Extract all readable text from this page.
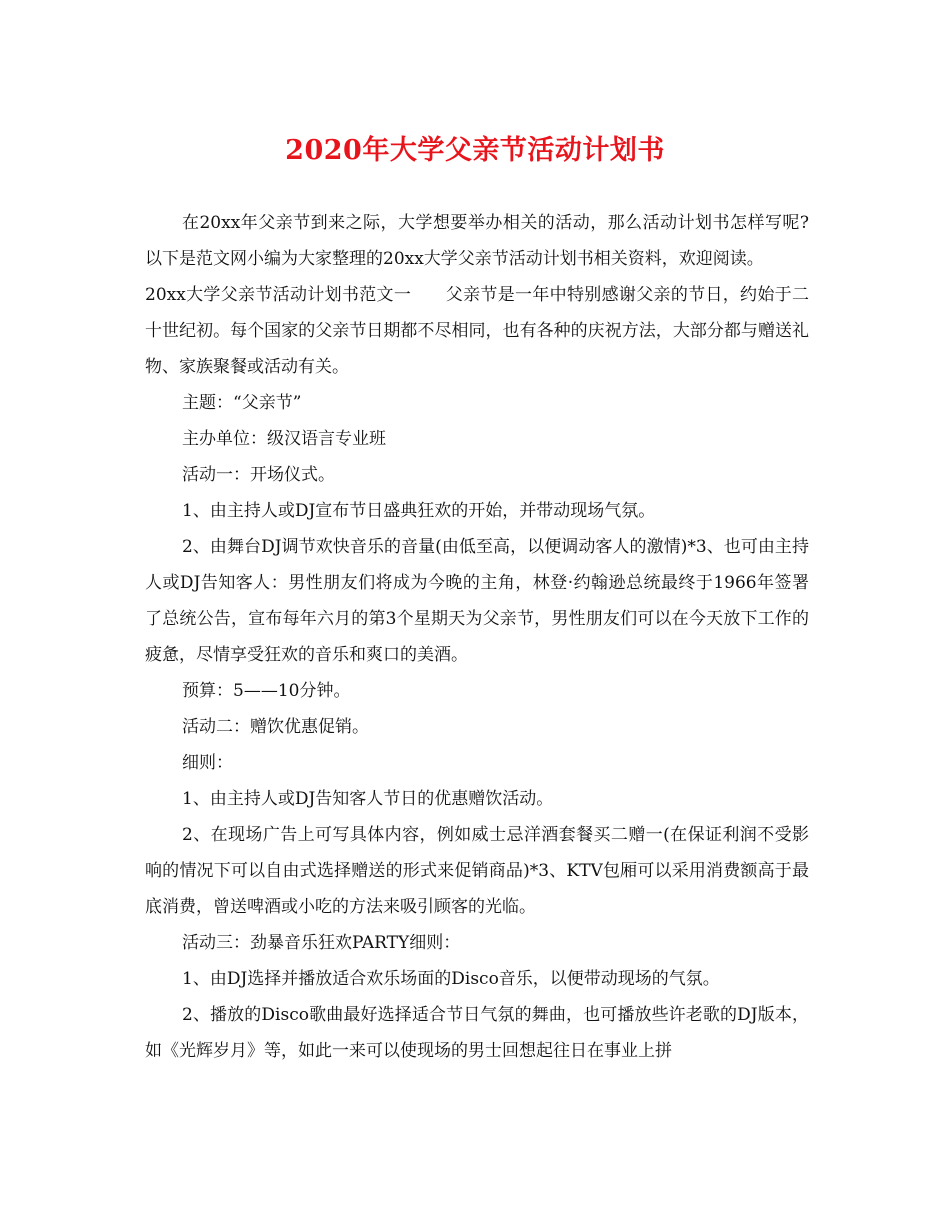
2020年大学父亲节活动计划书

在20xx年父亲节到来之际，大学想要举办相关的活动，那么活动计划书怎样写呢?以下是范文网小编为大家整理的20xx大学父亲节活动计划书相关资料，欢迎阅读。

20xx大学父亲节活动计划书范文一　　父亲节是一年中特别感谢父亲的节日，约始于二十世纪初。每个国家的父亲节日期都不尽相同，也有各种的庆祝方法，大部分都与赠送礼物、家族聚餐或活动有关。

主题：“父亲节”

主办单位：级汉语言专业班

活动一：开场仪式。

1、由主持人或DJ宣布节日盛典狂欢的开始，并带动现场气氛。

2、由舞台DJ调节欢快音乐的音量(由低至高，以便调动客人的激情)*3、也可由主持人或DJ告知客人：男性朋友们将成为今晚的主角，林登·约翰逊总统最终于1966年签署了总统公告，宣布每年六月的第3个星期天为父亲节，男性朋友们可以在今天放下工作的疲惫，尽情享受狂欢的音乐和爽口的美酒。

预算：5——10分钟。

活动二：赠饮优惠促销。

细则：

1、由主持人或DJ告知客人节日的优惠赠饮活动。

2、在现场广告上可写具体内容，例如威士忌洋酒套餐买二赠一(在保证利润不受影响的情况下可以自由式选择赠送的形式来促销商品)*3、KTV包厢可以采用消费额高于最底消费，曾送啤酒或小吃的方法来吸引顾客的光临。

活动三：劲暴音乐狂欢PARTY细则：

1、由DJ选择并播放适合欢乐场面的Disco音乐，以便带动现场的气氛。

2、播放的Disco歌曲最好选择适合节日气氛的舞曲，也可播放些许老歌的DJ版本，如《光辉岁月》等，如此一来可以使现场的男士回想起往日在事业上拼
